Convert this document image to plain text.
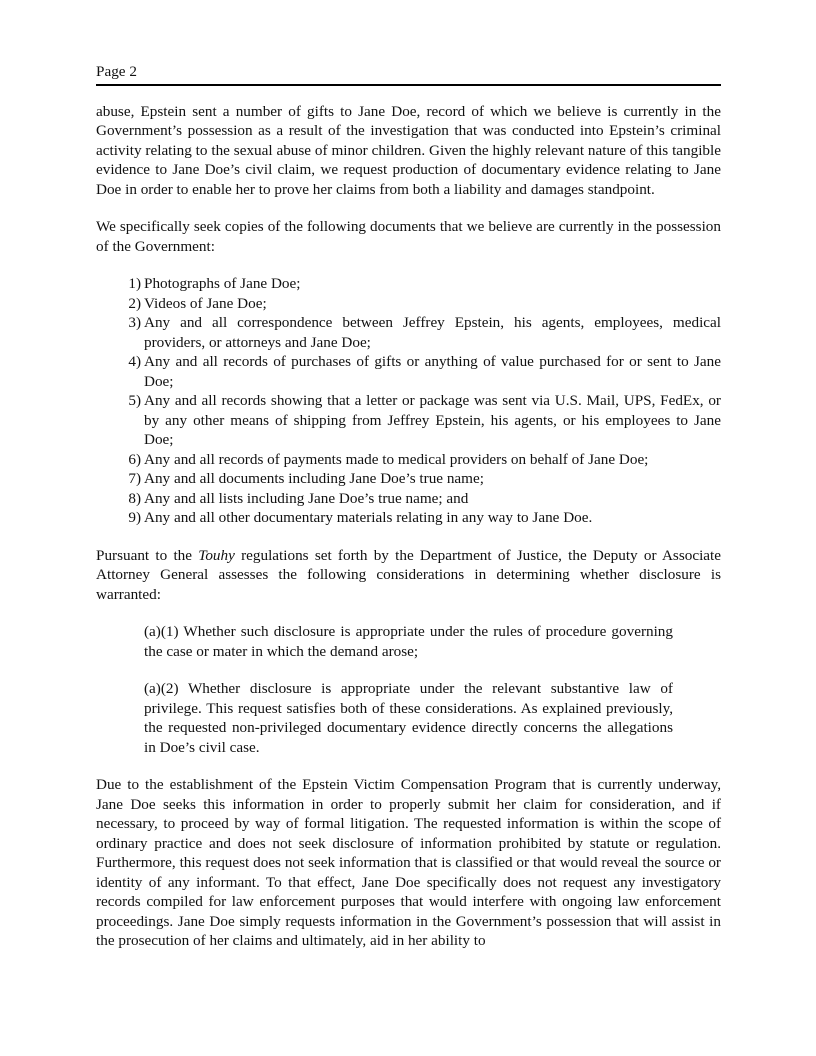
Page 2

abuse, Epstein sent a number of gifts to Jane Doe, record of which we believe is currently in the Government’s possession as a result of the investigation that was conducted into Epstein’s criminal activity relating to the sexual abuse of minor children. Given the highly relevant nature of this tangible evidence to Jane Doe’s civil claim, we request production of documentary evidence relating to Jane Doe in order to enable her to prove her claims from both a liability and damages standpoint.

We specifically seek copies of the following documents that we believe are currently in the possession of the Government:

1) Photographs of Jane Doe;
2) Videos of Jane Doe;
3) Any and all correspondence between Jeffrey Epstein, his agents, employees, medical providers, or attorneys and Jane Doe;
4) Any and all records of purchases of gifts or anything of value purchased for or sent to Jane Doe;
5) Any and all records showing that a letter or package was sent via U.S. Mail, UPS, FedEx, or by any other means of shipping from Jeffrey Epstein, his agents, or his employees to Jane Doe;
6) Any and all records of payments made to medical providers on behalf of Jane Doe;
7) Any and all documents including Jane Doe’s true name;
8) Any and all lists including Jane Doe’s true name; and
9) Any and all other documentary materials relating in any way to Jane Doe.

Pursuant to the Touhy regulations set forth by the Department of Justice, the Deputy or Associate Attorney General assesses the following considerations in determining whether disclosure is warranted:

(a)(1) Whether such disclosure is appropriate under the rules of procedure governing the case or mater in which the demand arose;

(a)(2) Whether disclosure is appropriate under the relevant substantive law of privilege. This request satisfies both of these considerations. As explained previously, the requested non-privileged documentary evidence directly concerns the allegations in Doe’s civil case.

Due to the establishment of the Epstein Victim Compensation Program that is currently underway, Jane Doe seeks this information in order to properly submit her claim for consideration, and if necessary, to proceed by way of formal litigation. The requested information is within the scope of ordinary practice and does not seek disclosure of information prohibited by statute or regulation. Furthermore, this request does not seek information that is classified or that would reveal the source or identity of any informant. To that effect, Jane Doe specifically does not request any investigatory records compiled for law enforcement purposes that would interfere with ongoing law enforcement proceedings. Jane Doe simply requests information in the Government’s possession that will assist in the prosecution of her claims and ultimately, aid in her ability to
